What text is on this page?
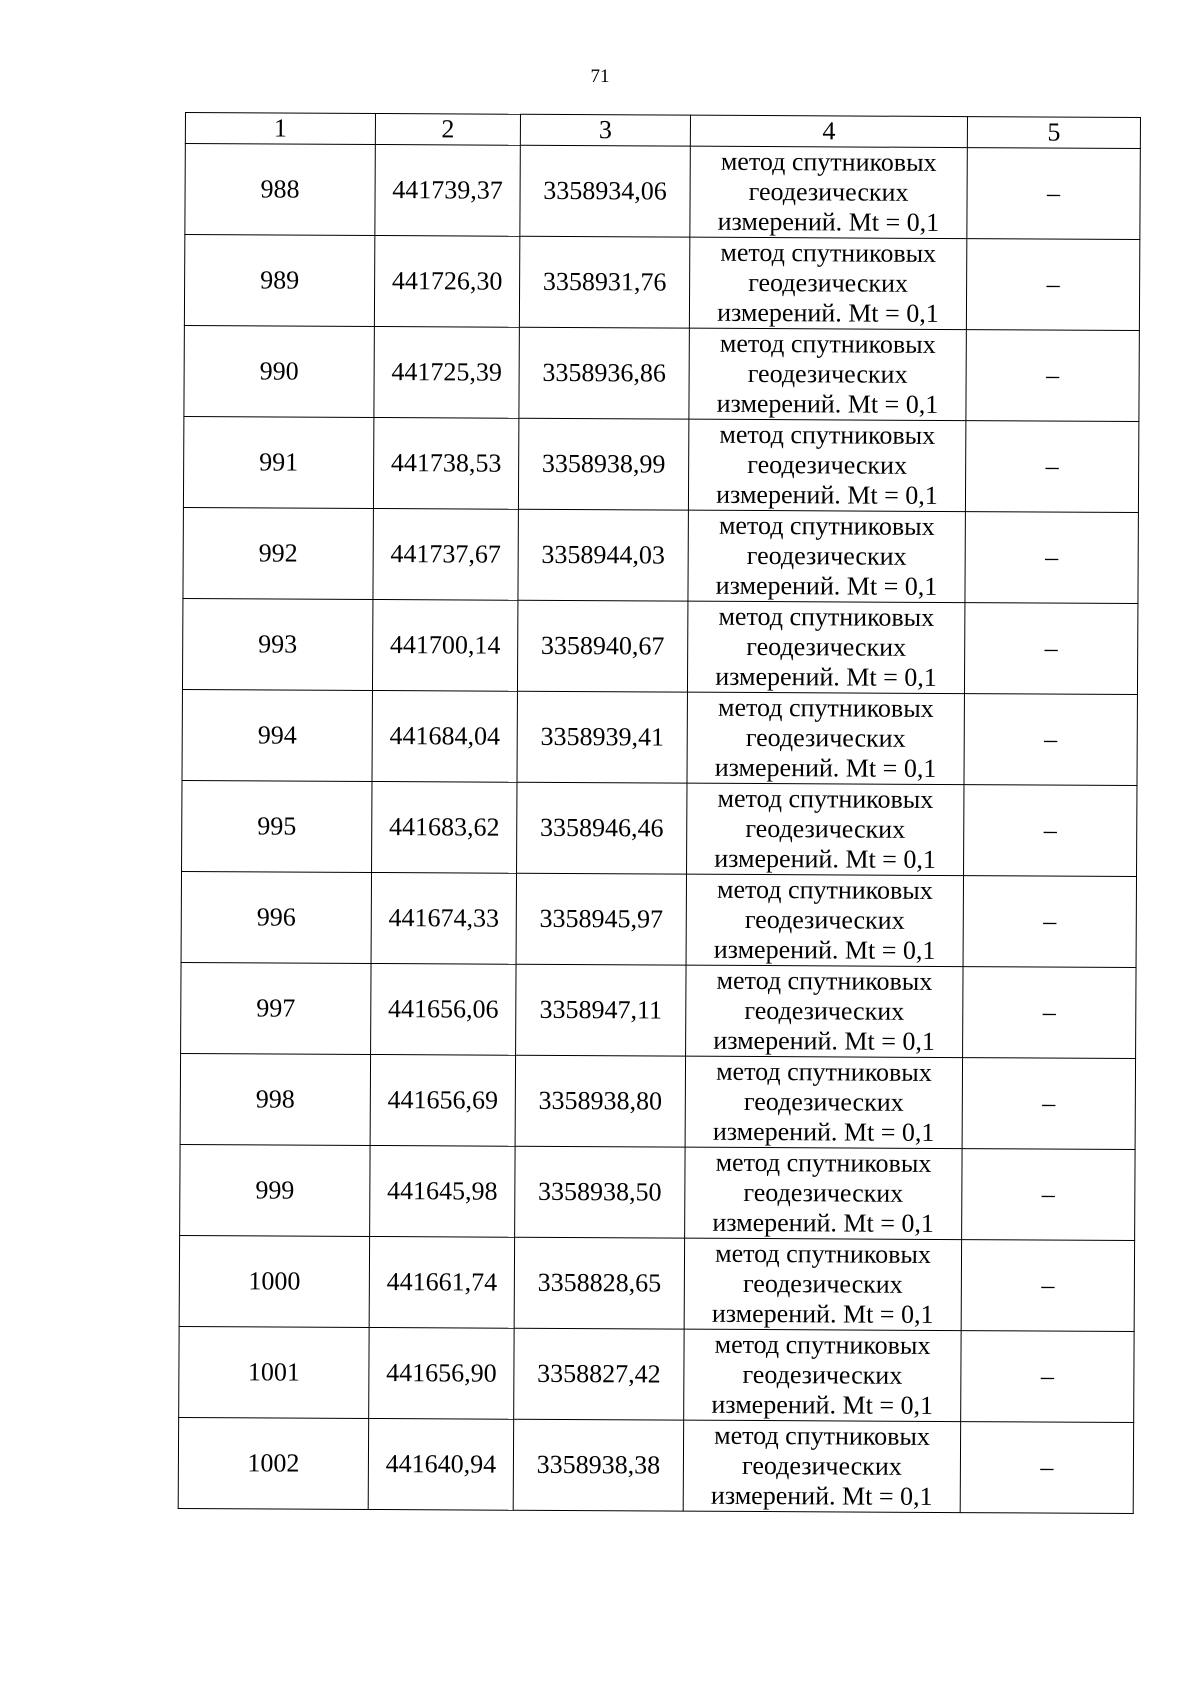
71
1	2	3	4	5
988	441739,37	3358934,06	метод спутниковых
геодезических
измерений. Mt = 0,1	–
989	441726,30	3358931,76	метод спутниковых
геодезических
измерений. Mt = 0,1	–
990	441725,39	3358936,86	метод спутниковых
геодезических
измерений. Mt = 0,1	–
991	441738,53	3358938,99	метод спутниковых
геодезических
измерений. Mt = 0,1	–
992	441737,67	3358944,03	метод спутниковых
геодезических
измерений. Mt = 0,1	–
993	441700,14	3358940,67	метод спутниковых
геодезических
измерений. Mt = 0,1	–
994	441684,04	3358939,41	метод спутниковых
геодезических
измерений. Mt = 0,1	–
995	441683,62	3358946,46	метод спутниковых
геодезических
измерений. Mt = 0,1	–
996	441674,33	3358945,97	метод спутниковых
геодезических
измерений. Mt = 0,1	–
997	441656,06	3358947,11	метод спутниковых
геодезических
измерений. Mt = 0,1	–
998	441656,69	3358938,80	метод спутниковых
геодезических
измерений. Mt = 0,1	–
999	441645,98	3358938,50	метод спутниковых
геодезических
измерений. Mt = 0,1	–
1000	441661,74	3358828,65	метод спутниковых
геодезических
измерений. Mt = 0,1	–
1001	441656,90	3358827,42	метод спутниковых
геодезических
измерений. Mt = 0,1	–
1002	441640,94	3358938,38	метод спутниковых
геодезических
измерений. Mt = 0,1	–
